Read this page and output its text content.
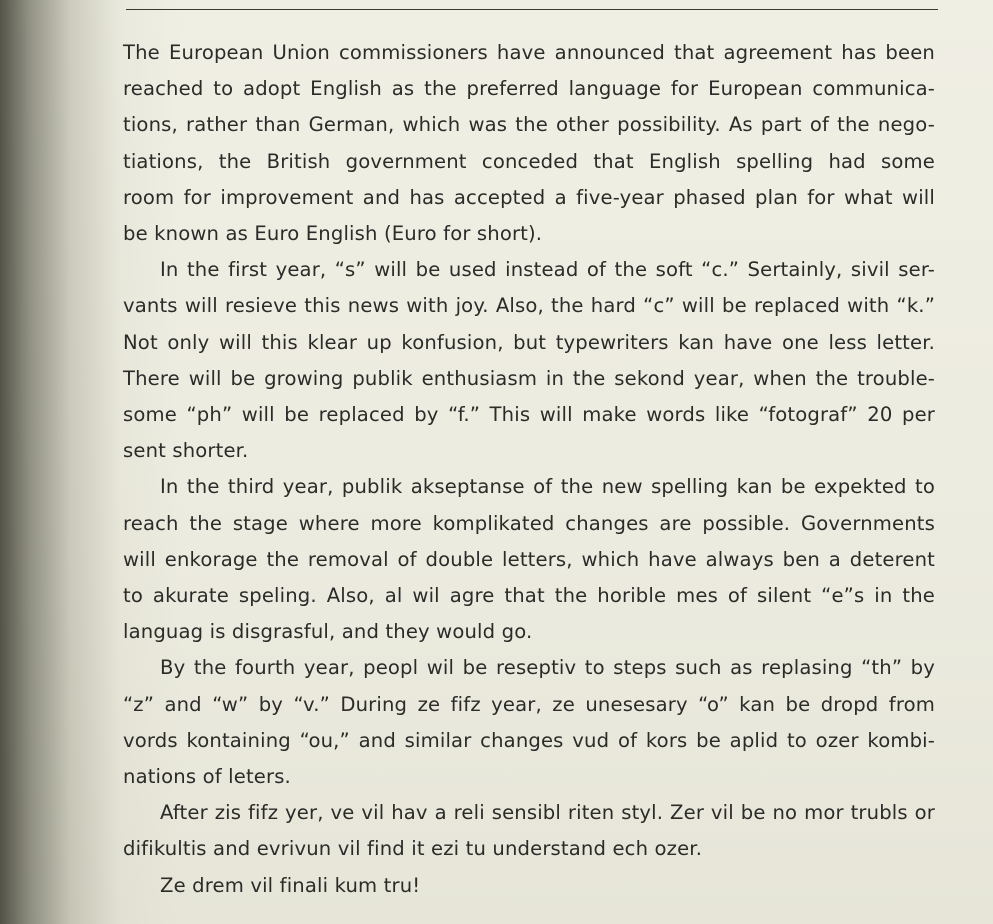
The European Union commissioners have announced that agreement has been
reached to adopt English as the preferred language for European communica-
tions, rather than German, which was the other possibility. As part of the nego-
tiations, the British government conceded that English spelling had some
room for improvement and has accepted a five-year phased plan for what will
be known as Euro English (Euro for short).
In the first year, “s” will be used instead of the soft “c.” Sertainly, sivil ser-
vants will resieve this news with joy. Also, the hard “c” will be replaced with “k.”
Not only will this klear up konfusion, but typewriters kan have one less letter.
There will be growing publik enthusiasm in the sekond year, when the trouble-
some “ph” will be replaced by “f.” This will make words like “fotograf” 20 per
sent shorter.
In the third year, publik akseptanse of the new spelling kan be expekted to
reach the stage where more komplikated changes are possible. Governments
will enkorage the removal of double letters, which have always ben a deterent
to akurate speling. Also, al wil agre that the horible mes of silent “e”s in the
languag is disgrasful, and they would go.
By the fourth year, peopl wil be reseptiv to steps such as replasing “th” by
“z” and “w” by “v.” During ze fifz year, ze unesesary “o” kan be dropd from
vords kontaining “ou,” and similar changes vud of kors be aplid to ozer kombi-
nations of leters.
After zis fifz yer, ve vil hav a reli sensibl riten styl. Zer vil be no mor trubls or
difikultis and evrivun vil find it ezi tu understand ech ozer.
Ze drem vil finali kum tru!
